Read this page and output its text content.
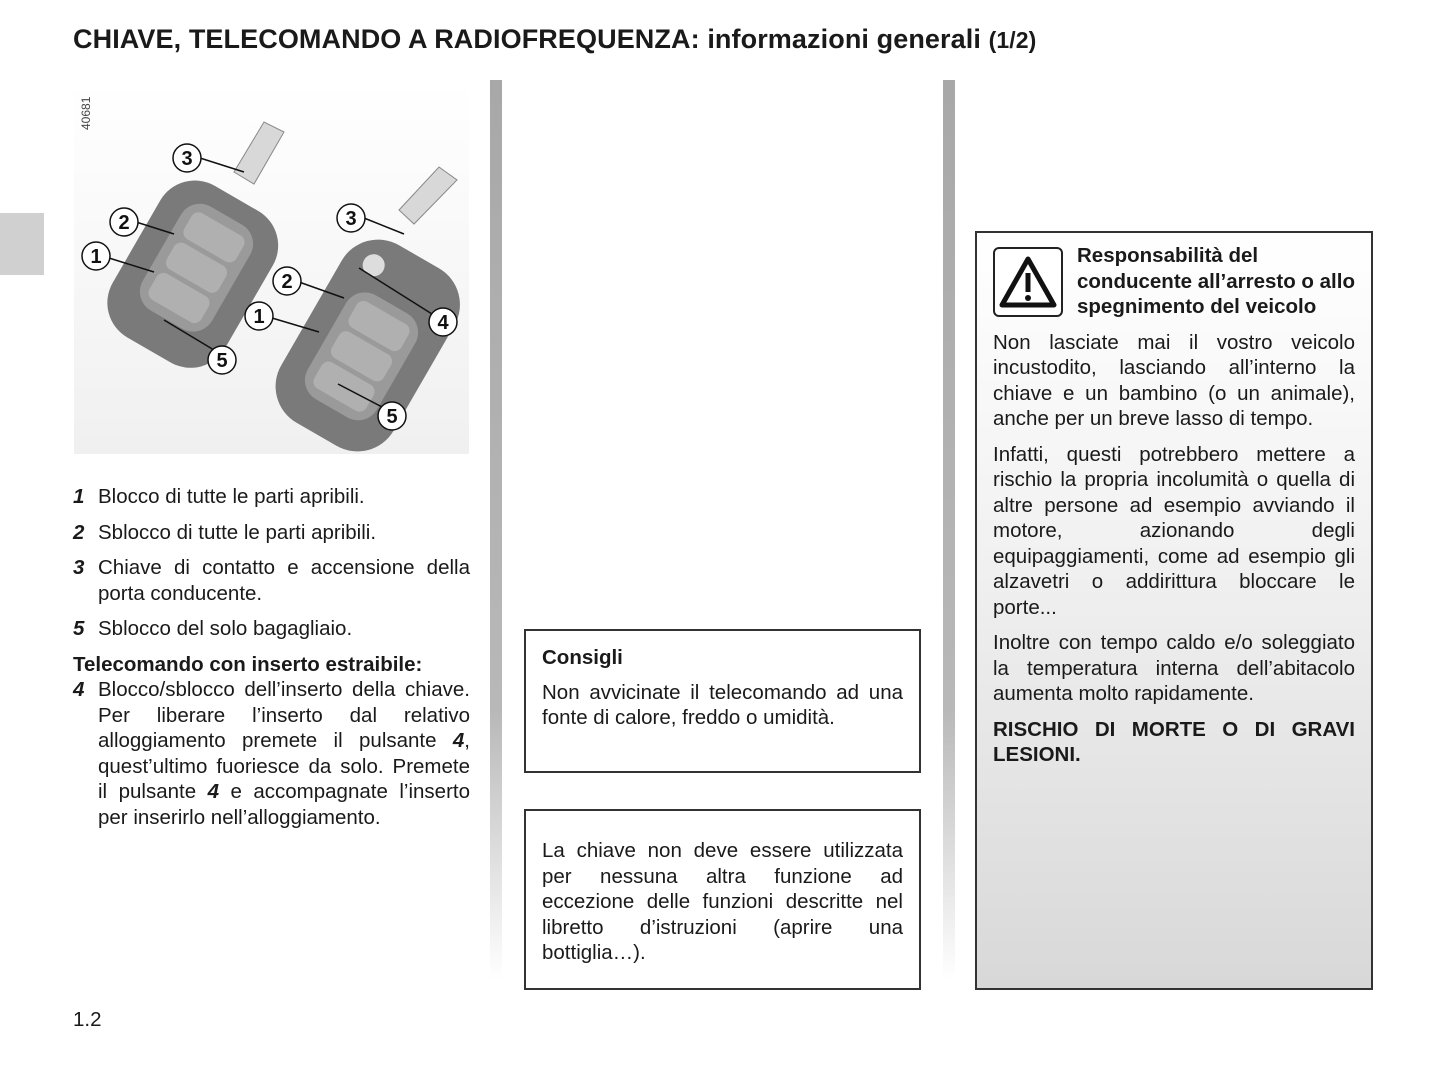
CHIAVE, TELECOMANDO A RADIOFREQUENZA: informazioni generali (1/2)
40681
3
2
1
5
3
2
1	4
5

1 Blocco di tutte le parti apribili.

2 Sblocco di tutte le parti apribili.

3 Chiave di contatto e accensione della porta conducente.

5 Sblocco del solo bagagliaio.

Telecomando con inserto estraibile:

4 Blocco/sblocco dell’inserto della chiave. Per liberare l’inserto dal relativo alloggiamento premete il pulsante 4, quest’ultimo fuoriesce da solo. Premete il pulsante 4 e accompagnate l’inserto per inserirlo nell’alloggiamento.

Consigli
Non avvicinate il telecomando ad una fonte di calore, freddo o umidità.
La chiave non deve essere utilizzata per nessuna altra funzione ad eccezione delle funzioni descritte nel libretto d’istruzioni (aprire una bottiglia…).
Responsabilità del conducente all’arresto o allo spegnimento del veicolo

Non lasciate mai il vostro veicolo incustodito, lasciando all’interno la chiave e un bambino (o un animale), anche per un breve lasso di tempo.

Infatti, questi potrebbero mettere a rischio la propria incolumità o quella di altre persone ad esempio avviando il motore, azionando degli equipaggiamenti, come ad esempio gli alzavetri o addirittura bloccare le porte...

Inoltre con tempo caldo e/o soleggiato la temperatura interna dell’abitacolo aumenta molto rapidamente.

RISCHIO DI MORTE O DI GRAVI LESIONI.

1.2
